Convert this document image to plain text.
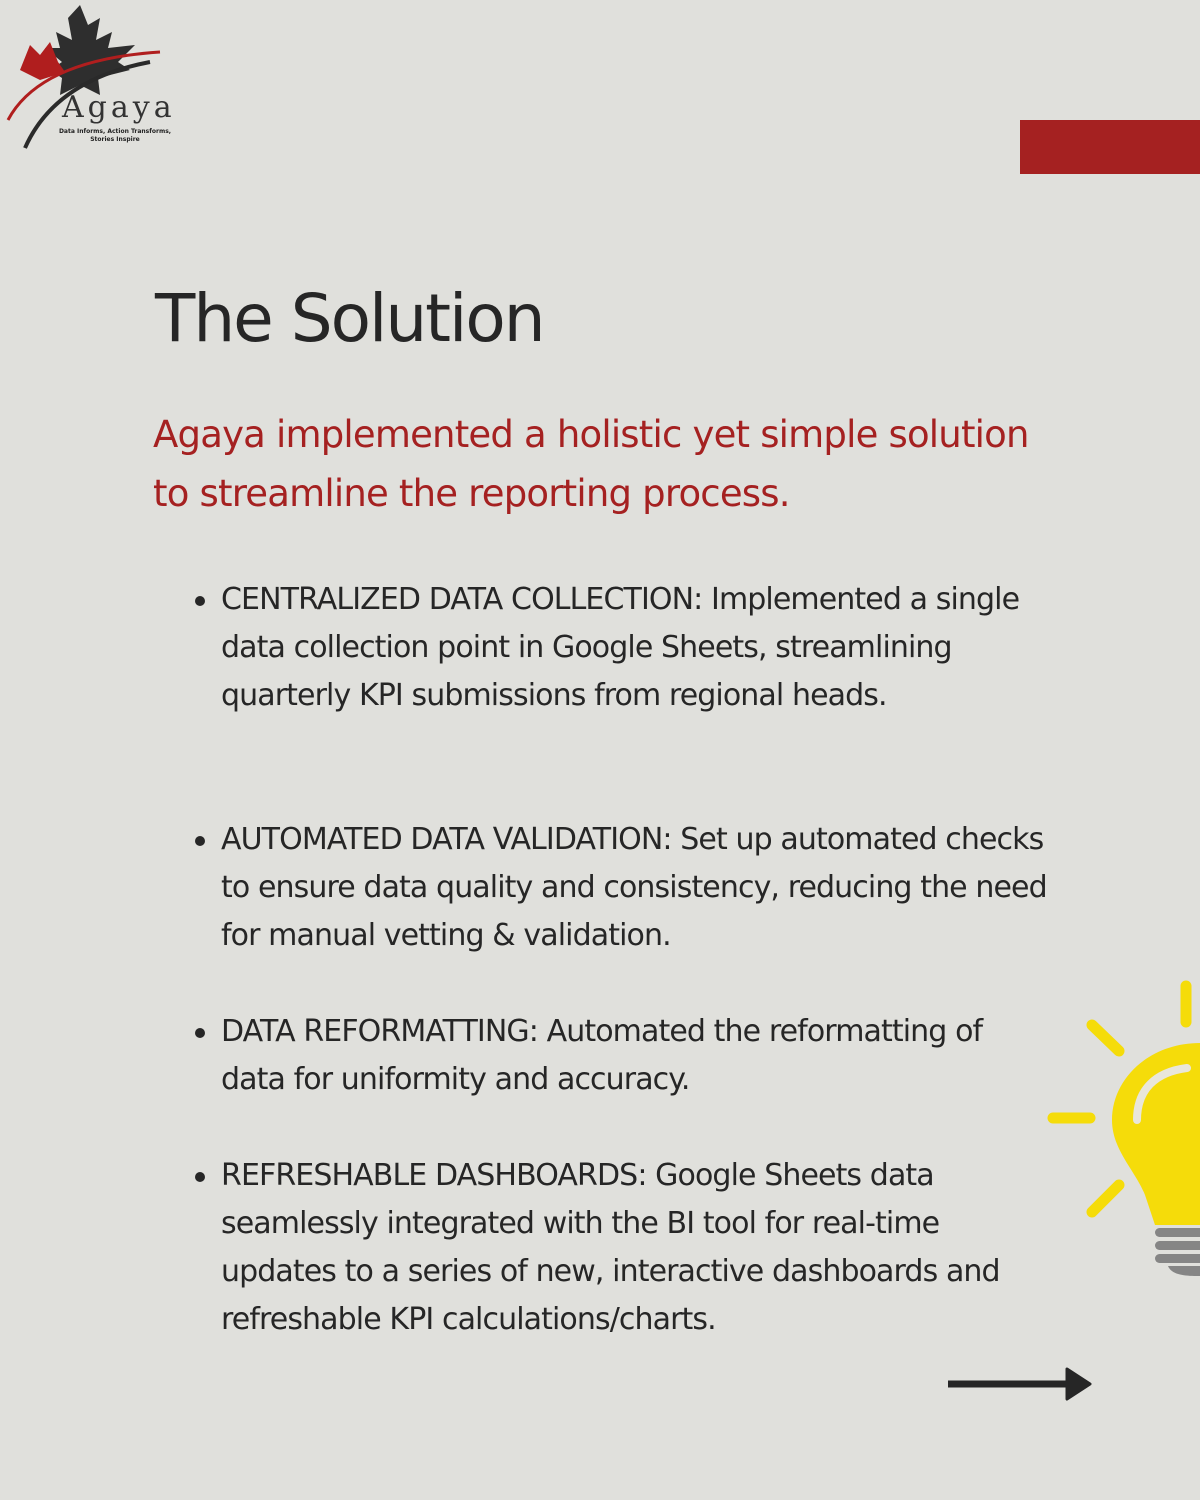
Agaya
Data Informs, Action Transforms, Stories Inspire
The Solution

Agaya implemented a holistic yet simple solution to streamline the reporting process.

CENTRALIZED DATA COLLECTION: Implemented a single data collection point in Google Sheets, streamlining quarterly KPI submissions from regional heads.
AUTOMATED DATA VALIDATION: Set up automated checks to ensure data quality and consistency, reducing the need for manual vetting & validation.
DATA REFORMATTING: Automated the reformatting of data for uniformity and accuracy.
REFRESHABLE DASHBOARDS: Google Sheets data seamlessly integrated with the BI tool for real-time updates to a series of new, interactive dashboards and refreshable KPI calculations/charts.
